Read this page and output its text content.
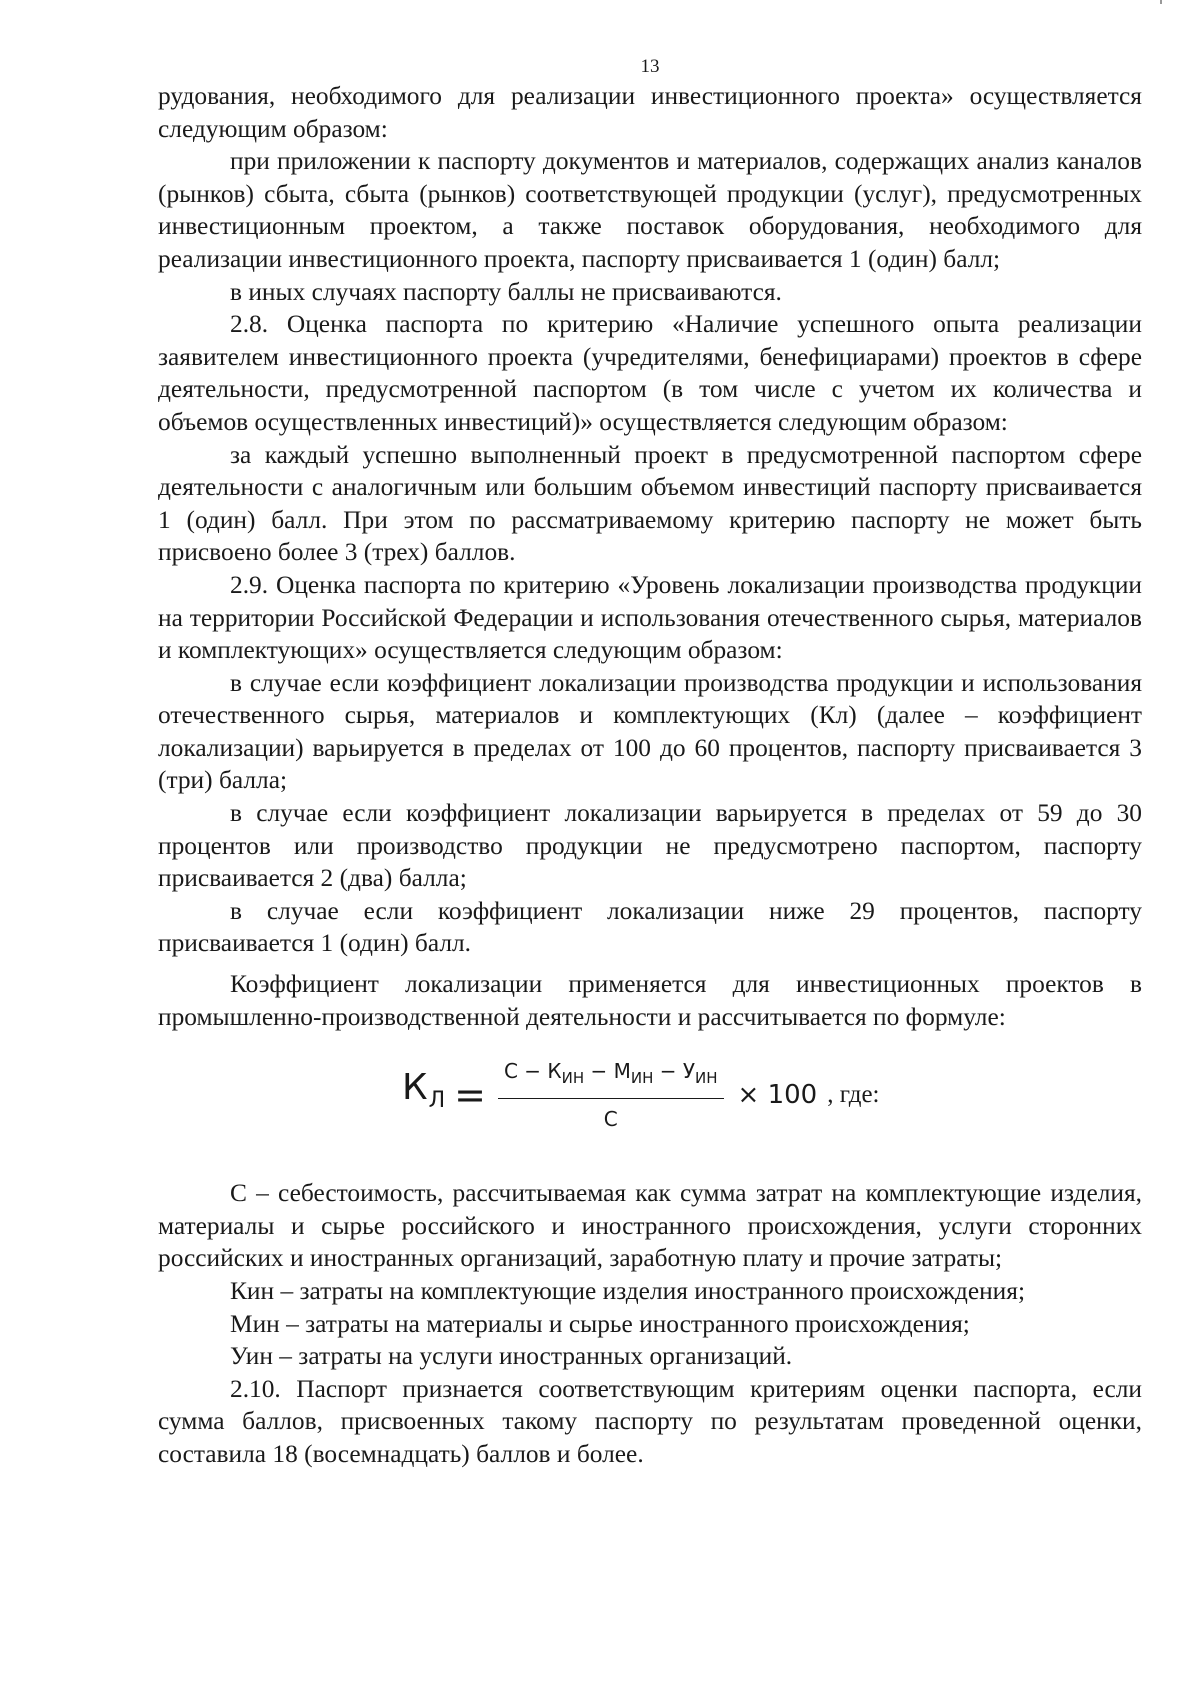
13

рудования, необходимого для реализации инвестиционного проекта» осуществляется следующим образом:

при приложении к паспорту документов и материалов, содержащих анализ каналов (рынков) сбыта, сбыта (рынков) соответствующей продукции (услуг), предусмотренных инвестиционным проектом, а также поставок оборудования, необходимого для реализации инвестиционного проекта, паспорту присваивается 1 (один) балл;

в иных случаях паспорту баллы не присваиваются.

2.8. Оценка паспорта по критерию «Наличие успешного опыта реализации заявителем инвестиционного проекта (учредителями, бенефициарами) проектов в сфере деятельности, предусмотренной паспортом (в том числе с учетом их количества и объемов осуществленных инвестиций)» осуществляется следующим образом:

за каждый успешно выполненный проект в предусмотренной паспортом сфере деятельности с аналогичным или большим объемом инвестиций паспорту присваивается 1 (один) балл. При этом по рассматриваемому критерию паспорту не может быть присвоено более 3 (трех) баллов.

2.9. Оценка паспорта по критерию «Уровень локализации производства продукции на территории Российской Федерации и использования отечественного сырья, материалов и комплектующих» осуществляется следующим образом:

в случае если коэффициент локализации производства продукции и использования отечественного сырья, материалов и комплектующих (Кл) (далее – коэффициент локализации) варьируется в пределах от 100 до 60 процентов, паспорту присваивается 3 (три) балла;

в случае если коэффициент локализации варьируется в пределах от 59 до 30 процентов или производство продукции не предусмотрено паспортом, паспорту присваивается 2 (два) балла;

в случае если коэффициент локализации ниже 29 процентов, паспорту присваивается 1 (один) балл.

Коэффициент локализации применяется для инвестиционных проектов в промышленно-производственной деятельности и рассчитывается по формуле:

$К_Л = \frac{С - К_{ИН} - М_{ИН} - У_{ИН}}{С} \times 100$ , где:

С – себестоимость, рассчитываемая как сумма затрат на комплектующие изделия, материалы и сырье российского и иностранного происхождения, услуги сторонних российских и иностранных организаций, заработную плату и прочие затраты;

Кин – затраты на комплектующие изделия иностранного происхождения;

Мин – затраты на материалы и сырье иностранного происхождения;

Уин – затраты на услуги иностранных организаций.

2.10. Паспорт признается соответствующим критериям оценки паспорта, если сумма баллов, присвоенных такому паспорту по результатам проведенной оценки, составила 18 (восемнадцать) баллов и более.
